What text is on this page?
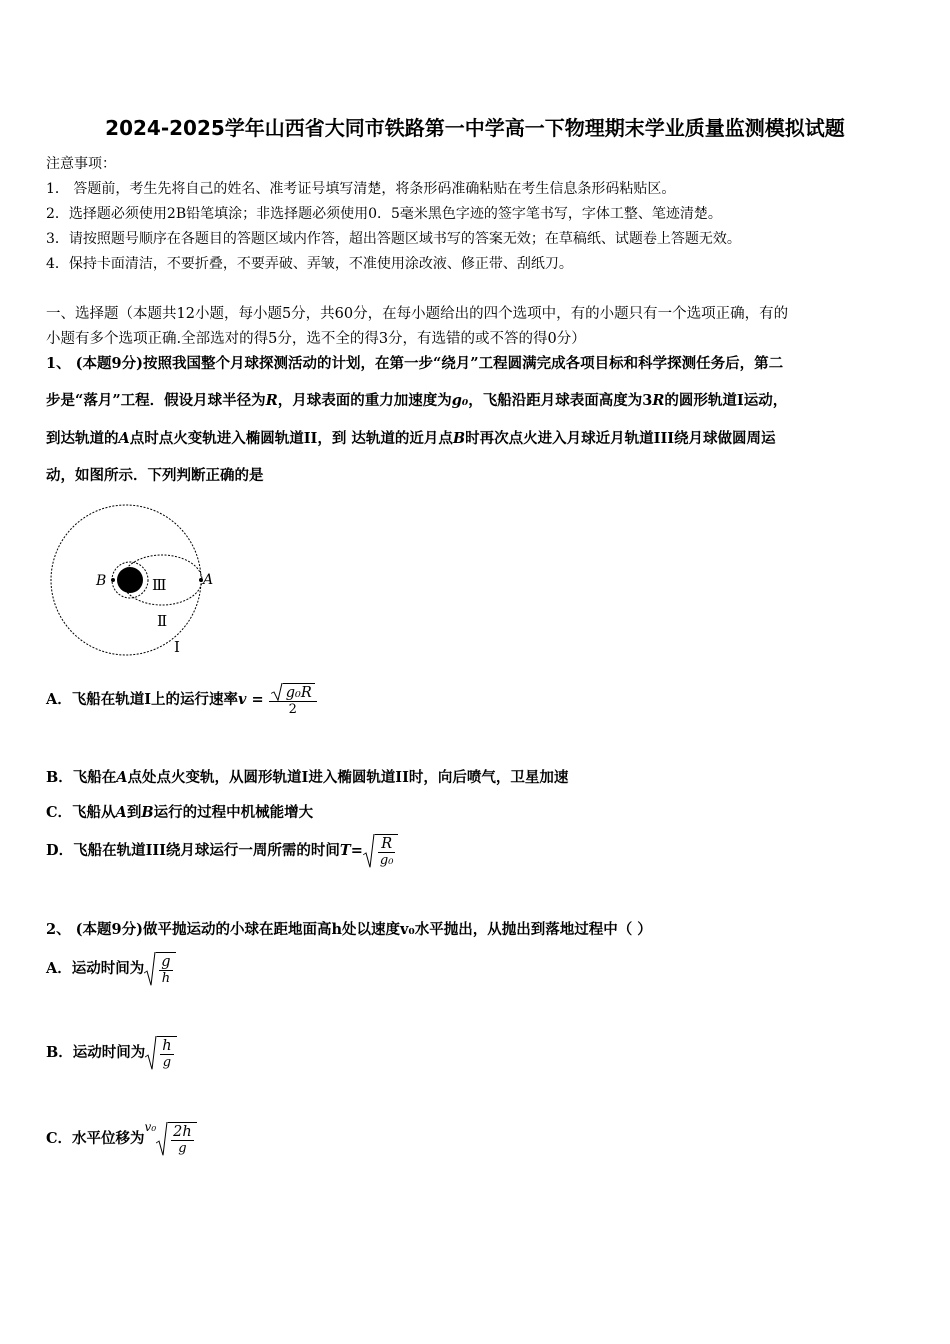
2024-2025学年山西省大同市铁路第一中学高一下物理期末学业质量监测模拟试题
注意事项：
1． 答题前，考生先将自己的姓名、准考证号填写清楚，将条形码准确粘贴在考生信息条形码粘贴区。
2．选择题必须使用2B铅笔填涂；非选择题必须使用0．5毫米黑色字迹的签字笔书写，字体工整、笔迹清楚。
3．请按照题号顺序在各题目的答题区域内作答，超出答题区域书写的答案无效；在草稿纸、试题卷上答题无效。
4．保持卡面清洁，不要折叠，不要弄破、弄皱，不准使用涂改液、修正带、刮纸刀。
一、选择题（本题共12小题，每小题5分，共60分，在每小题给出的四个选项中，有的小题只有一个选项正确，有的
小题有多个选项正确.全部选对的得5分，选不全的得3分，有选错的或不答的得0分）
1、 (本题9分)按照我国整个月球探测活动的计划，在第一步“绕月”工程圆满完成各项目标和科学探测任务后，第二
步是“落月”工程．假设月球半径为R，月球表面的重力加速度为g₀，飞船沿距月球表面高度为3R的圆形轨道I运动，
到达轨道的A点时点火变轨进入椭圆轨道II，到 达轨道的近月点B时再次点火进入月球近月轨道III绕月球做圆周运
动，如图所示．下列判断正确的是
B	A
Ⅲ
Ⅱ
Ⅰ
A．飞船在轨道I上的运行速率$v = \frac{\text{g₀R}}{2}$
B．飞船在A点处点火变轨，从圆形轨道I进入椭圆轨道II时，向后喷气，卫星加速
C．飞船从A到B运行的过程中机械能增大
D．飞船在轨道III绕月球运行一周所需的时间$T= \frac{R}{\text{g₀}}$
2、 (本题9分)做平抛运动的小球在距地面高h处以速度v₀水平抛出，从抛出到落地过程中（ ）
A．运动时间为 $\frac{g}{h}$
B．运动时间为 $\frac{h}{g}$
C．水平位移为$^{v_0} \frac{2h}{g}$
